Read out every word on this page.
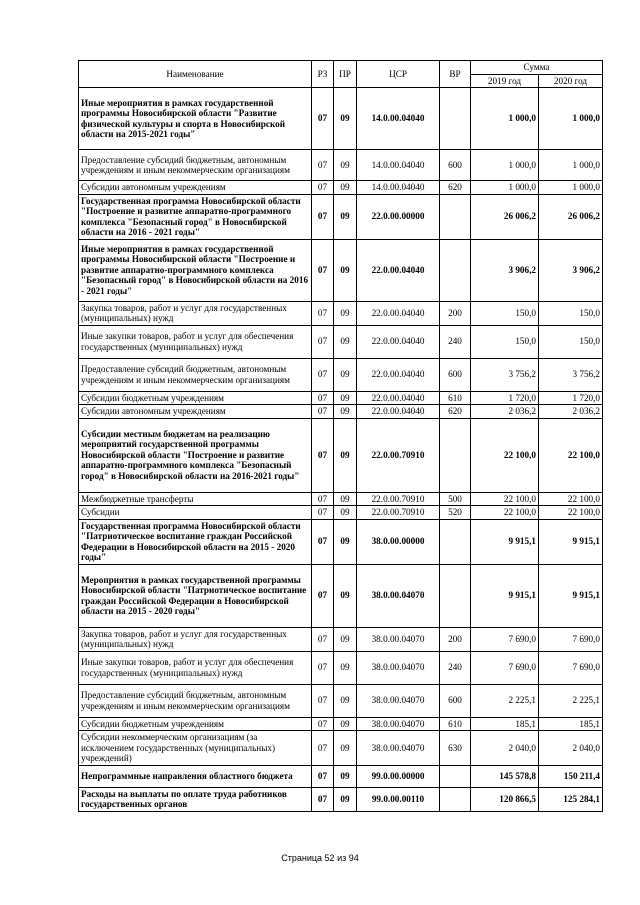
Наименование	РЗ	ПР	ЦСР	ВР	Сумма	
					2019 год	2020 год
Иные мероприятия в рамках государственной программы Новосибирской области "Развитие физической культуры и спорта в Новосибирской области на 2015-2021 годы"	07	09	14.0.00.04040		1 000,0	1 000,0
Предоставление субсидий бюджетным, автономным учреждениям и иным некоммерческим организациям	07	09	14.0.00.04040	600	1 000,0	1 000,0
Субсидии автономным учреждениям	07	09	14.0.00.04040	620	1 000,0	1 000,0
Государственная программа Новосибирской области "Построение и развитие аппаратно-программного комплекса "Безопасный город" в Новосибирской области на 2016 - 2021 годы"	07	09	22.0.00.00000		26 006,2	26 006,2
Иные мероприятия в рамках государственной программы Новосибирской области "Построение и развитие аппаратно-программного комплекса "Безопасный город" в Новосибирской области на 2016 - 2021 годы"	07	09	22.0.00.04040		3 906,2	3 906,2
Закупка товаров, работ и услуг для государственных (муниципальных) нужд	07	09	22.0.00.04040	200	150,0	150,0
Иные закупки товаров, работ и услуг для обеспечения государственных (муниципальных) нужд	07	09	22.0.00.04040	240	150,0	150,0
Предоставление субсидий бюджетным, автономным учреждениям и иным некоммерческим организациям	07	09	22.0.00.04040	600	3 756,2	3 756,2
Субсидии бюджетным учреждениям	07	09	22.0.00.04040	610	1 720,0	1 720,0
Субсидии автономным учреждениям	07	09	22.0.00.04040	620	2 036,2	2 036,2
Субсидии местным бюджетам на реализацию мероприятий государственной программы Новосибирской области "Построение и развитие аппаратно-программного комплекса "Безопасный город" в Новосибирской области на 2016-2021 годы"	07	09	22.0.00.70910		22 100,0	22 100,0
Межбюджетные трансферты	07	09	22.0.00.70910	500	22 100,0	22 100,0
Субсидии	07	09	22.0.00.70910	520	22 100,0	22 100,0
Государственная программа Новосибирской области "Патриотическое воспитание граждан Российской Федерации в Новосибирской области на 2015 - 2020 годы"	07	09	38.0.00.00000		9 915,1	9 915,1
Мероприятия в рамках государственной программы Новосибирской области "Патриотическое воспитание граждан Российской Федерации в Новосибирской области на 2015 - 2020 годы"	07	09	38.0.00.04070		9 915,1	9 915,1
Закупка товаров, работ и услуг для государственных (муниципальных) нужд	07	09	38.0.00.04070	200	7 690,0	7 690,0
Иные закупки товаров, работ и услуг для обеспечения государственных (муниципальных) нужд	07	09	38.0.00.04070	240	7 690,0	7 690,0
Предоставление субсидий бюджетным, автономным учреждениям и иным некоммерческим организациям	07	09	38.0.00.04070	600	2 225,1	2 225,1
Субсидии бюджетным учреждениям	07	09	38.0.00.04070	610	185,1	185,1
Субсидии некоммерческим организациям (за исключением государственных (муниципальных) учреждений)	07	09	38.0.00.04070	630	2 040,0	2 040,0
Непрограммные направления областного бюджета	07	09	99.0.00.00000		145 578,8	150 211,4
Расходы на выплаты по оплате труда работников государственных органов	07	09	99.0.00.00110		120 866,5	125 284,1
Страница 52 из 94
